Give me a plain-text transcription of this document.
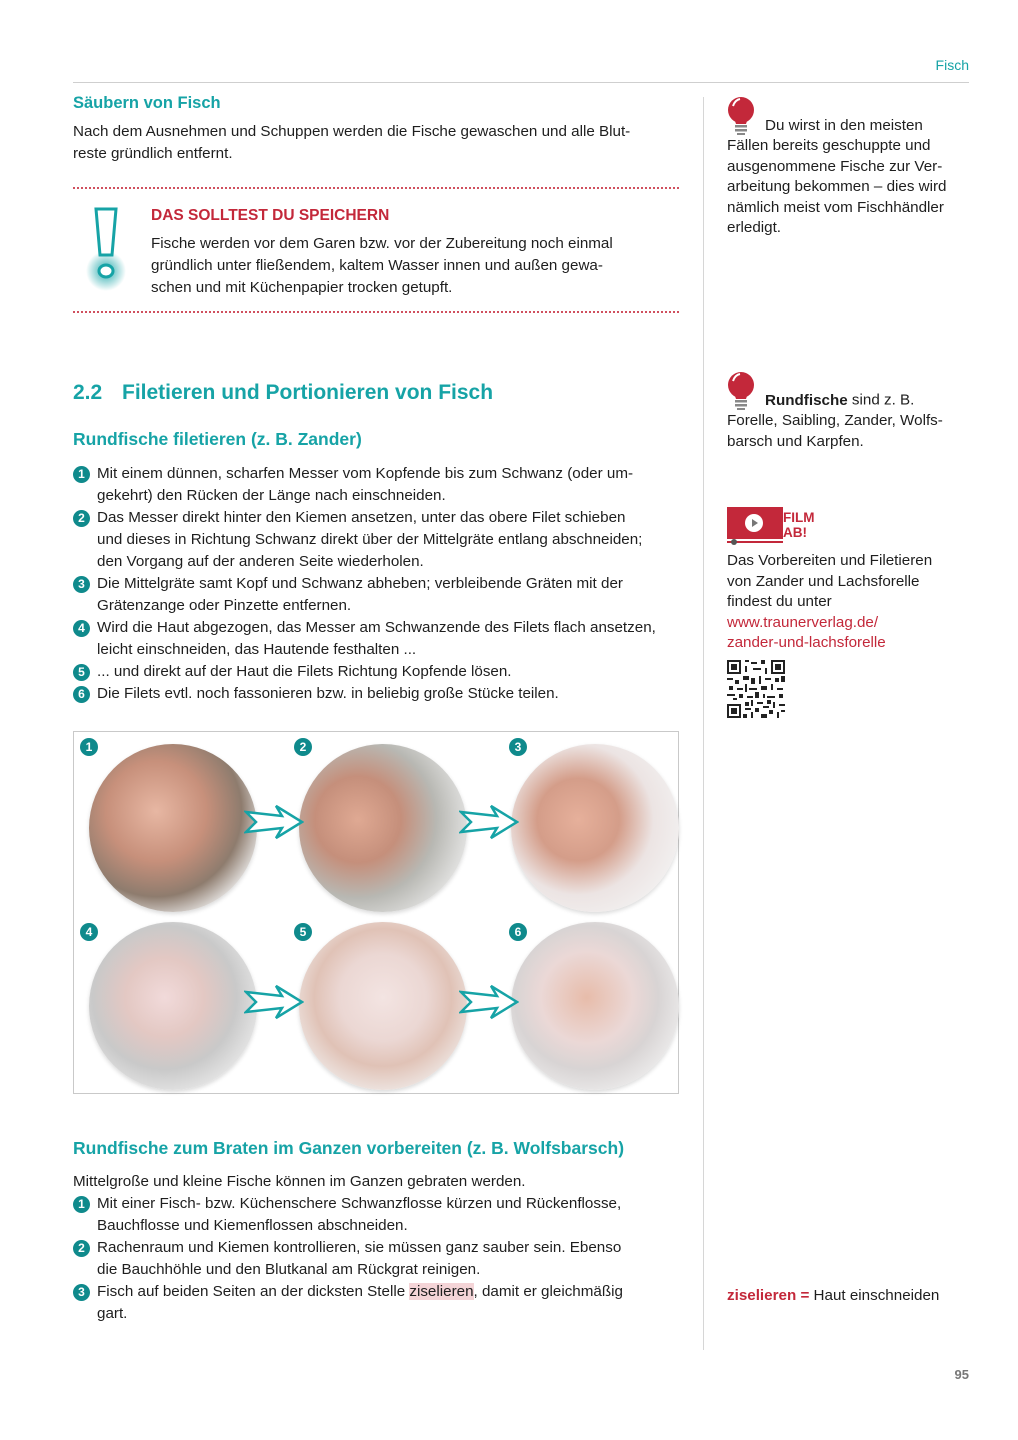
Fisch
Säubern von Fisch
Nach dem Ausnehmen und Schuppen werden die Fische gewaschen und alle Blut-
reste gründlich entfernt.
DAS SOLLTEST DU SPEICHERN
Fische werden vor dem Garen bzw. vor der Zubereitung noch einmal
gründlich unter fließendem, kaltem Wasser innen und außen gewa-
schen und mit Küchenpapier trocken getupft.
2.2 Filetieren und Portionieren von Fisch
Rundfische filetieren (z. B. Zander)
1 Mit einem dünnen, scharfen Messer vom Kopfende bis zum Schwanz (oder um-
gekehrt) den Rücken der Länge nach einschneiden.
2 Das Messer direkt hinter den Kiemen ansetzen, unter das obere Filet schieben
und dieses in Richtung Schwanz direkt über der Mittelgräte entlang abschneiden;
den Vorgang auf der anderen Seite wiederholen.
3 Die Mittelgräte samt Kopf und Schwanz abheben; verbleibende Gräten mit der
Grätenzange oder Pinzette entfernen.
4 Wird die Haut abgezogen, das Messer am Schwanzende des Filets flach ansetzen,
leicht einschneiden, das Hautende festhalten ...
5 ... und direkt auf der Haut die Filets Richtung Kopfende lösen.
6 Die Filets evtl. noch fassonieren bzw. in beliebig große Stücke teilen.
1	2	3
4	5	6
Rundfische zum Braten im Ganzen vorbereiten (z. B. Wolfsbarsch)
Mittelgroße und kleine Fische können im Ganzen gebraten werden.
1 Mit einer Fisch- bzw. Küchenschere Schwanzflosse kürzen und Rückenflosse,
Bauchflosse und Kiemenflossen abschneiden.
2 Rachenraum und Kiemen kontrollieren, sie müssen ganz sauber sein. Ebenso
die Bauchhöhle und den Blutkanal am Rückgrat reinigen.
3 Fisch auf beiden Seiten an der dicksten Stelle ziselieren, damit er gleichmäßig
gart.
Du wirst in den meisten
Fällen bereits geschuppte und
ausgenommene Fische zur Ver-
arbeitung bekommen – dies wird
nämlich meist vom Fischhändler
erledigt.
Rundfische sind z. B.
Forelle, Saibling, Zander, Wolfs-
barsch und Karpfen.
FILM
AB!
Das Vorbereiten und Filetieren
von Zander und Lachsforelle
findest du unter
www.traunerverlag.de/
zander-und-lachsforelle
ziselieren = Haut einschneiden
95
